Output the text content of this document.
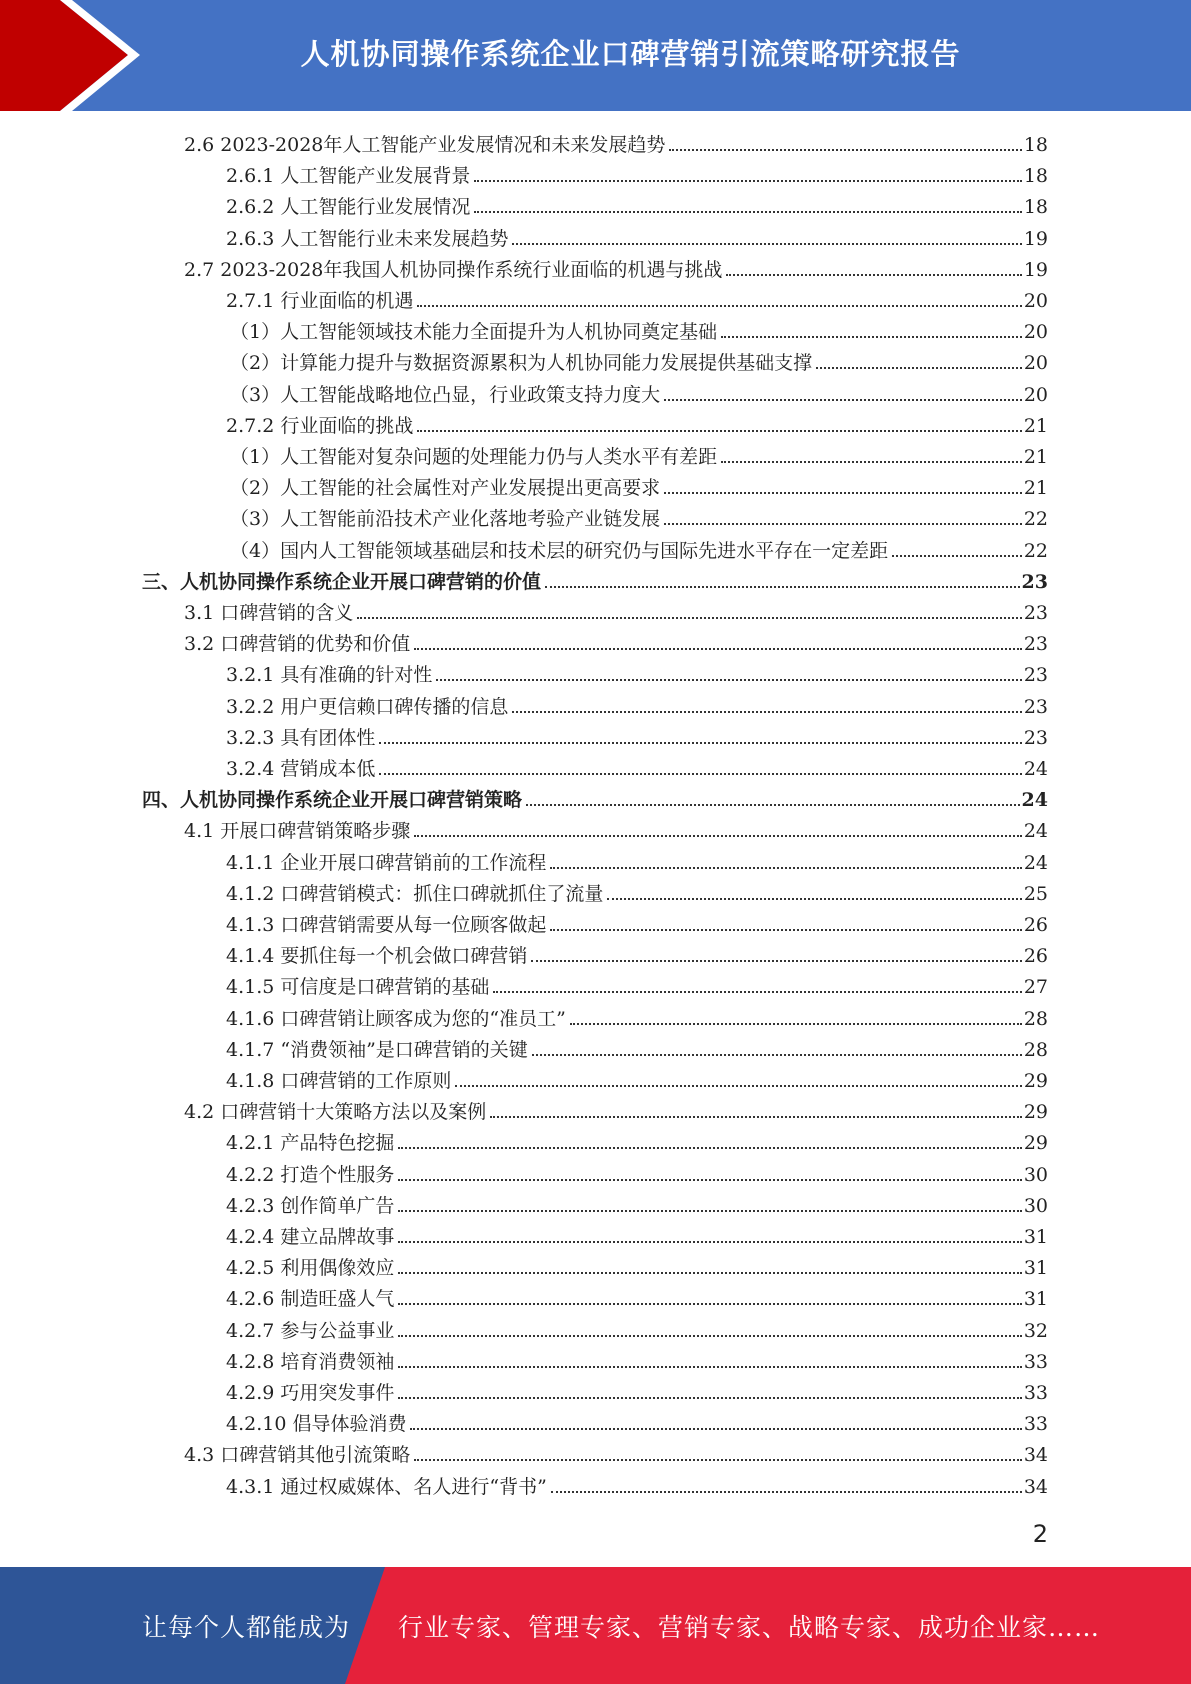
人机协同操作系统企业口碑营销引流策略研究报告
2.6 2023-2028年人工智能产业发展情况和未来发展趋势	18
2.6.1 人工智能产业发展背景	18
2.6.2 人工智能行业发展情况	18
2.6.3 人工智能行业未来发展趋势	19
2.7 2023-2028年我国人机协同操作系统行业面临的机遇与挑战	19
2.7.1 行业面临的机遇	20
（1）人工智能领域技术能力全面提升为人机协同奠定基础	20
（2）计算能力提升与数据资源累积为人机协同能力发展提供基础支撑	20
（3）人工智能战略地位凸显，行业政策支持力度大	20
2.7.2 行业面临的挑战	21
（1）人工智能对复杂问题的处理能力仍与人类水平有差距	21
（2）人工智能的社会属性对产业发展提出更高要求	21
（3）人工智能前沿技术产业化落地考验产业链发展	22
（4）国内人工智能领域基础层和技术层的研究仍与国际先进水平存在一定差距	22
三、人机协同操作系统企业开展口碑营销的价值	23
3.1 口碑营销的含义	23
3.2 口碑营销的优势和价值	23
3.2.1 具有准确的针对性	23
3.2.2 用户更信赖口碑传播的信息	23
3.2.3 具有团体性	23
3.2.4 营销成本低	24
四、人机协同操作系统企业开展口碑营销策略	24
4.1 开展口碑营销策略步骤	24
4.1.1 企业开展口碑营销前的工作流程	24
4.1.2 口碑营销模式：抓住口碑就抓住了流量	25
4.1.3 口碑营销需要从每一位顾客做起	26
4.1.4 要抓住每一个机会做口碑营销	26
4.1.5 可信度是口碑营销的基础	27
4.1.6 口碑营销让顾客成为您的“准员工”	28
4.1.7 “消费领袖”是口碑营销的关键	28
4.1.8 口碑营销的工作原则	29
4.2 口碑营销十大策略方法以及案例	29
4.2.1 产品特色挖掘	29
4.2.2 打造个性服务	30
4.2.3 创作简单广告	30
4.2.4 建立品牌故事	31
4.2.5 利用偶像效应	31
4.2.6 制造旺盛人气	31
4.2.7 参与公益事业	32
4.2.8 培育消费领袖	33
4.2.9 巧用突发事件	33
4.2.10 倡导体验消费	33
4.3 口碑营销其他引流策略	34
4.3.1 通过权威媒体、名人进行“背书”	34
2
让每个人都能成为 行业专家、管理专家、营销专家、战略专家、成功企业家……
